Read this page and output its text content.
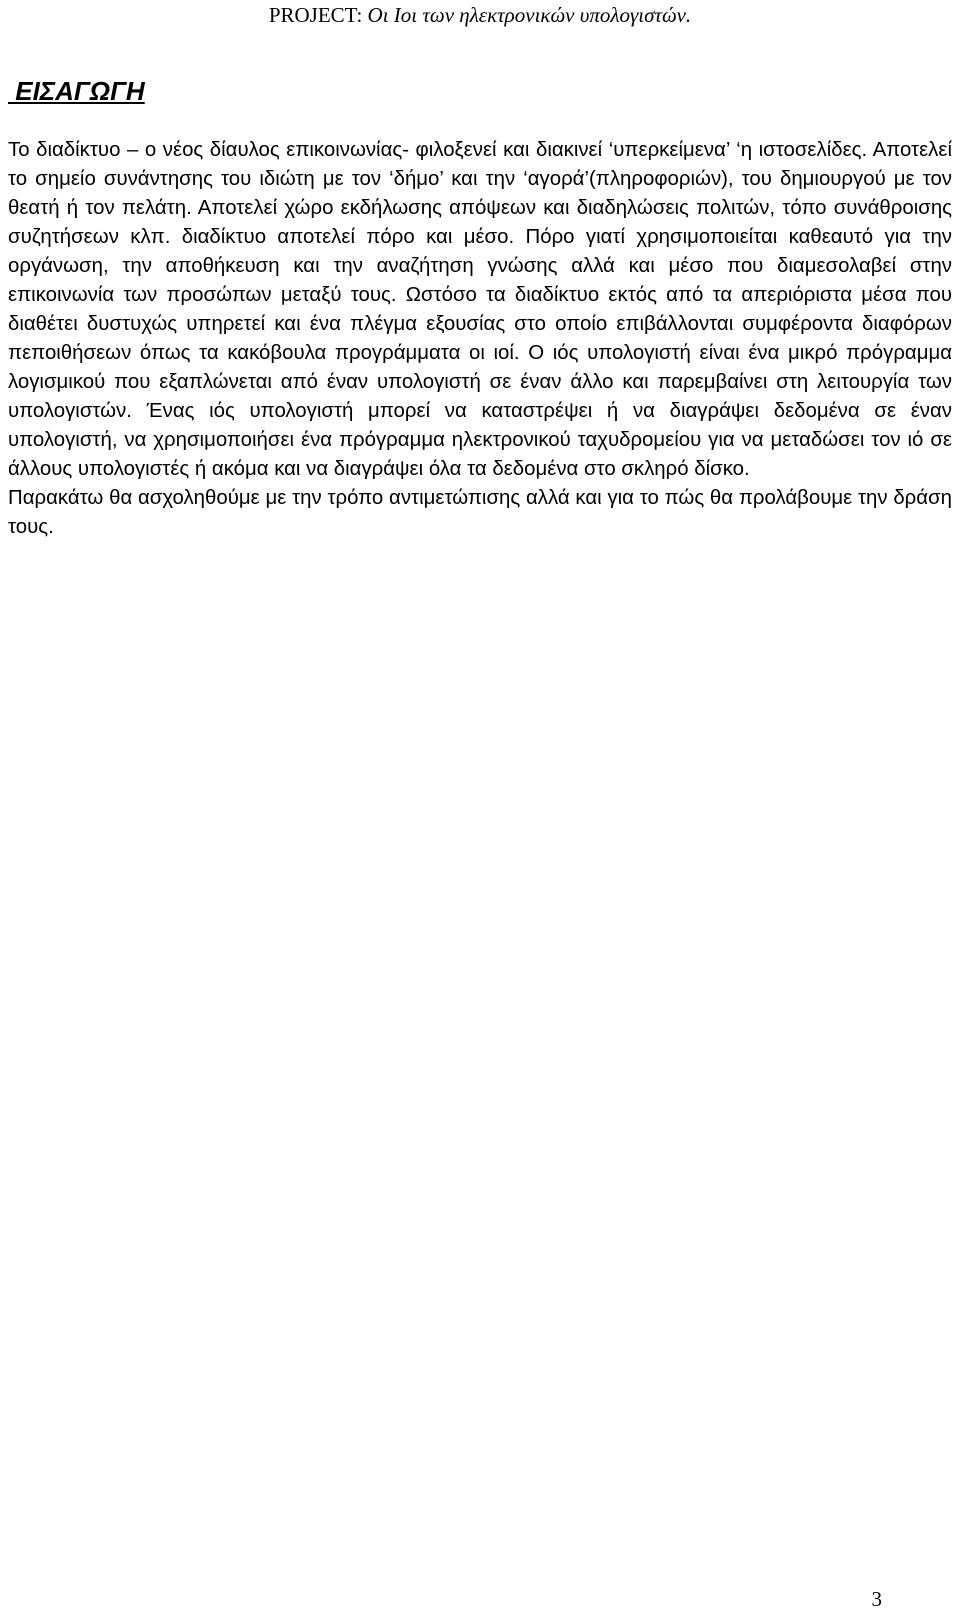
PROJECT: Οι Ιοι των ηλεκτρονικών υπολογιστών.
ΕΙΣΑΓΩΓΗ

Το διαδίκτυο – ο νέος δίαυλος επικοινωνίας- φιλοξενεί και διακινεί ‘υπερκείμενα’ ‘η ιστοσελίδες. Αποτελεί το σημείο συνάντησης του ιδιώτη με τον ‘δήμο’ και την ‘αγορά’(πληροφοριών), του δημιουργού με τον θεατή ή τον πελάτη. Αποτελεί χώρο εκδήλωσης απόψεων και διαδηλώσεις πολιτών, τόπο συνάθροισης συζητήσεων κλπ. διαδίκτυο αποτελεί πόρο και μέσο. Πόρο γιατί χρησιμοποιείται καθεαυτό για την οργάνωση, την αποθήκευση και την αναζήτηση γνώσης αλλά και μέσο που διαμεσολαβεί στην επικοινωνία των προσώπων μεταξύ τους. Ωστόσο τα διαδίκτυο εκτός από τα απεριόριστα μέσα που διαθέτει δυστυχώς υπηρετεί και ένα πλέγμα εξουσίας στο οποίο επιβάλλονται συμφέροντα διαφόρων πεποιθήσεων όπως τα κακόβουλα προγράμματα οι ιοί. Ο ιός υπολογιστή είναι ένα μικρό πρόγραμμα λογισμικού που εξαπλώνεται από έναν υπολογιστή σε έναν άλλο και παρεμβαίνει στη λειτουργία των υπολογιστών. Ένας ιός υπολογιστή μπορεί να καταστρέψει ή να διαγράψει δεδομένα σε έναν υπολογιστή, να χρησιμοποιήσει ένα πρόγραμμα ηλεκτρονικού ταχυδρομείου για να μεταδώσει τον ιό σε άλλους υπολογιστές ή ακόμα και να διαγράψει όλα τα δεδομένα στο σκληρό δίσκο.

Παρακάτω θα ασχοληθούμε με την τρόπο αντιμετώπισης αλλά και για το πώς θα προλάβουμε την δράση τους.

3
